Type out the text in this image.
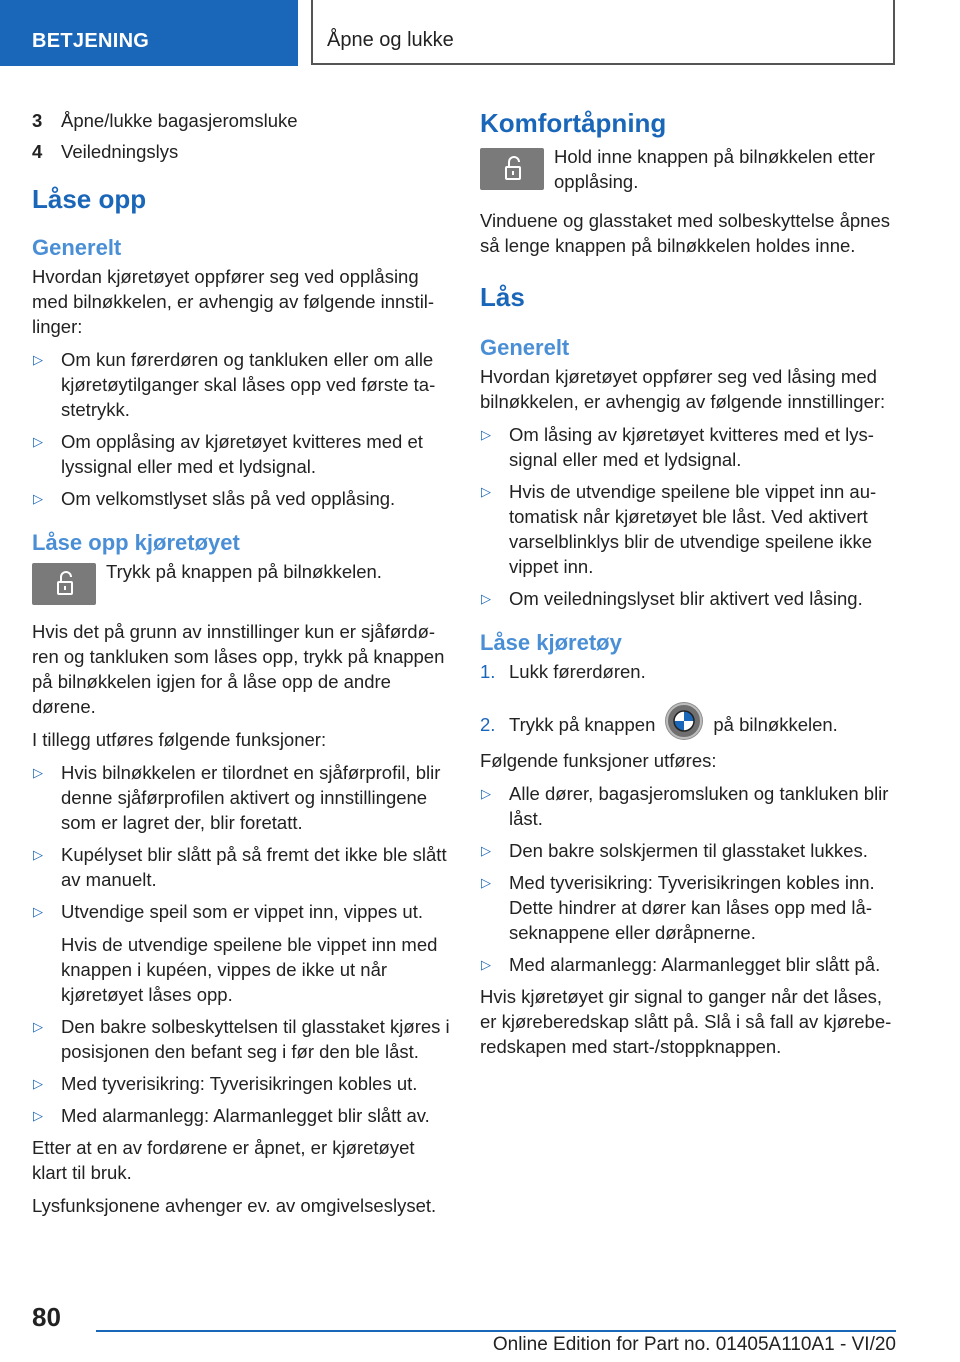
BETJENING	Åpne og lukke
3	Åpne/lukke bagasjeromsluke
4	Veiledningslys
Låse opp
Generelt

Hvordan kjøretøyet oppfører seg ved opplåsing med bilnøkkelen, er avhengig av følgende innstillinger:

▷ Om kun førerdøren og tankluken eller om alle kjøretøytilganger skal låses opp ved første tastetrykk.
▷ Om opplåsing av kjøretøyet kvitteres med et lyssignal eller med et lydsignal.
▷ Om velkomstlyset slås på ved opplåsing.
Låse opp kjøretøyet
Trykk på knappen på bilnøkkelen.

Hvis det på grunn av innstillinger kun er sjåførdøren og tankluken som låses opp, trykk på knappen på bilnøkkelen igjen for å låse opp de andre dørene.

I tillegg utføres følgende funksjoner:

▷ Hvis bilnøkkelen er tilordnet en sjåførprofil, blir denne sjåførprofilen aktivert og innstillingene som er lagret der, blir foretatt.
▷ Kupélyset blir slått på så fremt det ikke ble slått av manuelt.
▷ Utvendige speil som er vippet inn, vippes ut.
Hvis de utvendige speilene ble vippet inn med knappen i kupéen, vippes de ikke ut når kjøretøyet låses opp.
▷ Den bakre solbeskyttelsen til glasstaket kjøres i posisjonen den befant seg i før den ble låst.
▷ Med tyverisikring: Tyverisikringen kobles ut.
▷ Med alarmanlegg: Alarmanlegget blir slått av.

Etter at en av fordørene er åpnet, er kjøretøyet klart til bruk.

Lysfunksjonene avhenger ev. av omgivelseslyset.

Komfortåpning
Hold inne knappen på bilnøkkelen etter opplåsing.

Vinduene og glasstaket med solbeskyttelse åpnes så lenge knappen på bilnøkkelen holdes inne.

Lås
Generelt

Hvordan kjøretøyet oppfører seg ved låsing med bilnøkkelen, er avhengig av følgende innstillinger:

▷ Om låsing av kjøretøyet kvitteres med et lyssignal eller med et lydsignal.
▷ Hvis de utvendige speilene ble vippet inn automatisk når kjøretøyet ble låst. Ved aktivert varselblinklys blir de utvendige speilene ikke vippet inn.
▷ Om veiledningslyset blir aktivert ved låsing.
Låse kjøretøy
1. Lukk førerdøren.
2. Trykk på knappen	på bilnøkkelen.

Følgende funksjoner utføres:

▷ Alle dører, bagasjeromsluken og tankluken blir låst.
▷ Den bakre solskjermen til glasstaket lukkes.
▷ Med tyverisikring: Tyverisikringen kobles inn. Dette hindrer at dører kan låses opp med låseknappene eller døråpnerne.
▷ Med alarmanlegg: Alarmanlegget blir slått på.

Hvis kjøretøyet gir signal to ganger når det låses, er kjøreberedskap slått på. Slå i så fall av kjøreberedskapen med start-/stoppknappen.

80
Online Edition for Part no. 01405A110A1 - VI/20
